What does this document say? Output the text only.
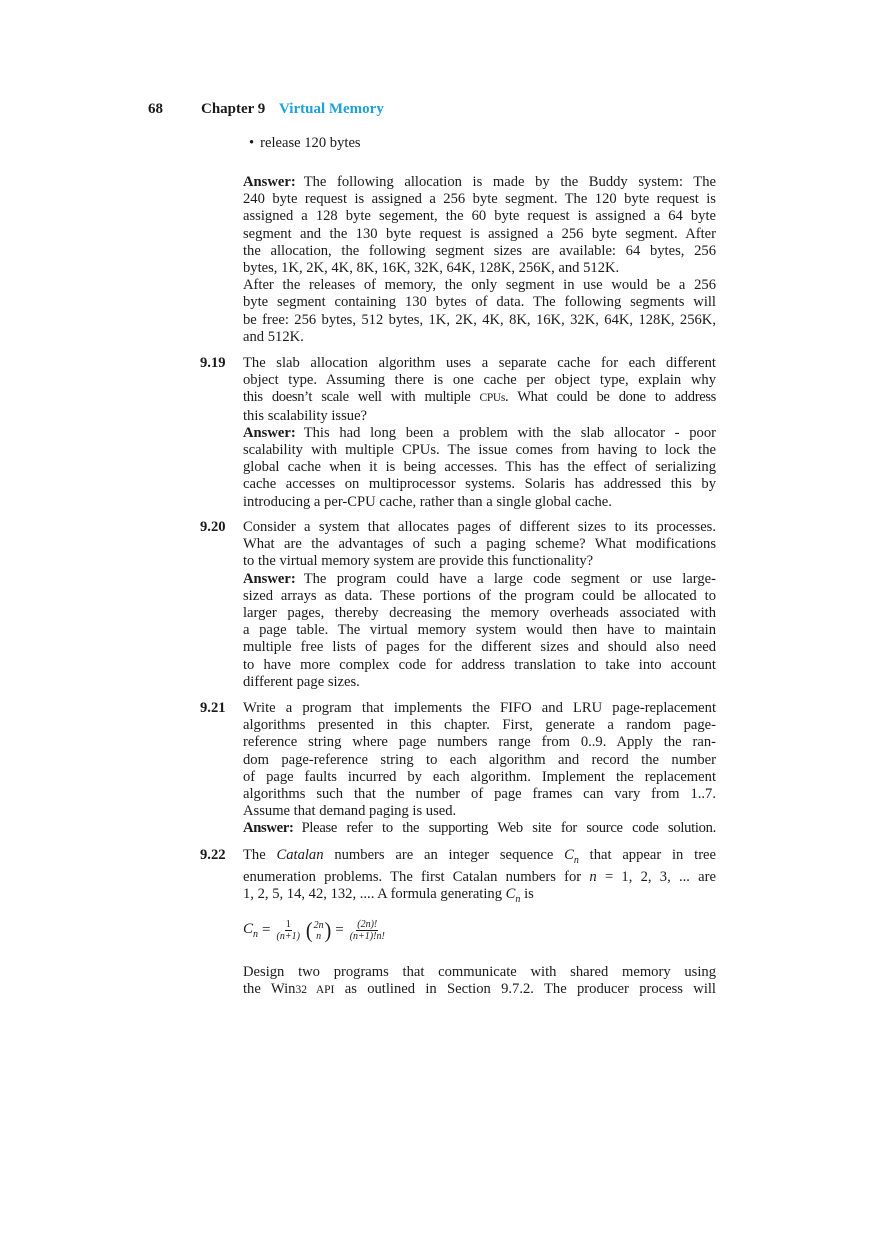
68	Chapter 9 Virtual Memory
• release 120 bytes
Answer: The following allocation is made by the Buddy system: The
240 byte request is assigned a 256 byte segment. The 120 byte request is
assigned a 128 byte segement, the 60 byte request is assigned a 64 byte
segment and the 130 byte request is assigned a 256 byte segment. After
the allocation, the following segment sizes are available: 64 bytes, 256
bytes, 1K, 2K, 4K, 8K, 16K, 32K, 64K, 128K, 256K, and 512K.
After the releases of memory, the only segment in use would be a 256
byte segment containing 130 bytes of data. The following segments will
be free: 256 bytes, 512 bytes, 1K, 2K, 4K, 8K, 16K, 32K, 64K, 128K, 256K,
and 512K.
9.19 The slab allocation algorithm uses a separate cache for each different
object type. Assuming there is one cache per object type, explain why
this doesn’t scale well with multiple CPUs. What could be done to address
this scalability issue?
Answer: This had long been a problem with the slab allocator - poor
scalability with multiple CPUs. The issue comes from having to lock the
global cache when it is being accesses. This has the effect of serializing
cache accesses on multiprocessor systems. Solaris has addressed this by
introducing a per-CPU cache, rather than a single global cache.
9.20 Consider a system that allocates pages of different sizes to its processes.
What are the advantages of such a paging scheme? What modifications
to the virtual memory system are provide this functionality?
Answer: The program could have a large code segment or use large-
sized arrays as data. These portions of the program could be allocated to
larger pages, thereby decreasing the memory overheads associated with
a page table. The virtual memory system would then have to maintain
multiple free lists of pages for the different sizes and should also need
to have more complex code for address translation to take into account
different page sizes.
9.21 Write a program that implements the FIFO and LRU page-replacement
algorithms presented in this chapter. First, generate a random page-
reference string where page numbers range from 0..9. Apply the ran-
dom page-reference string to each algorithm and record the number
of page faults incurred by each algorithm. Implement the replacement
algorithms such that the number of page frames can vary from 1..7.
Assume that demand paging is used.
Answer: Please refer to the supporting Web site for source code solution.
9.22 The Catalan numbers are an integer sequence $C_n$ that appear in tree
enumeration problems. The first Catalan numbers for n = 1, 2, 3, ... are
1, 2, 5, 14, 42, 132, .... A formula generating $C_n$ is
$C_n = \frac{1}{(n+1)}$ ( 2n
n ) = $\frac{(2n)!}{(n+1)!n!}$
Design two programs that communicate with shared memory using
the Win32 API as outlined in Section 9.7.2. The producer process will
